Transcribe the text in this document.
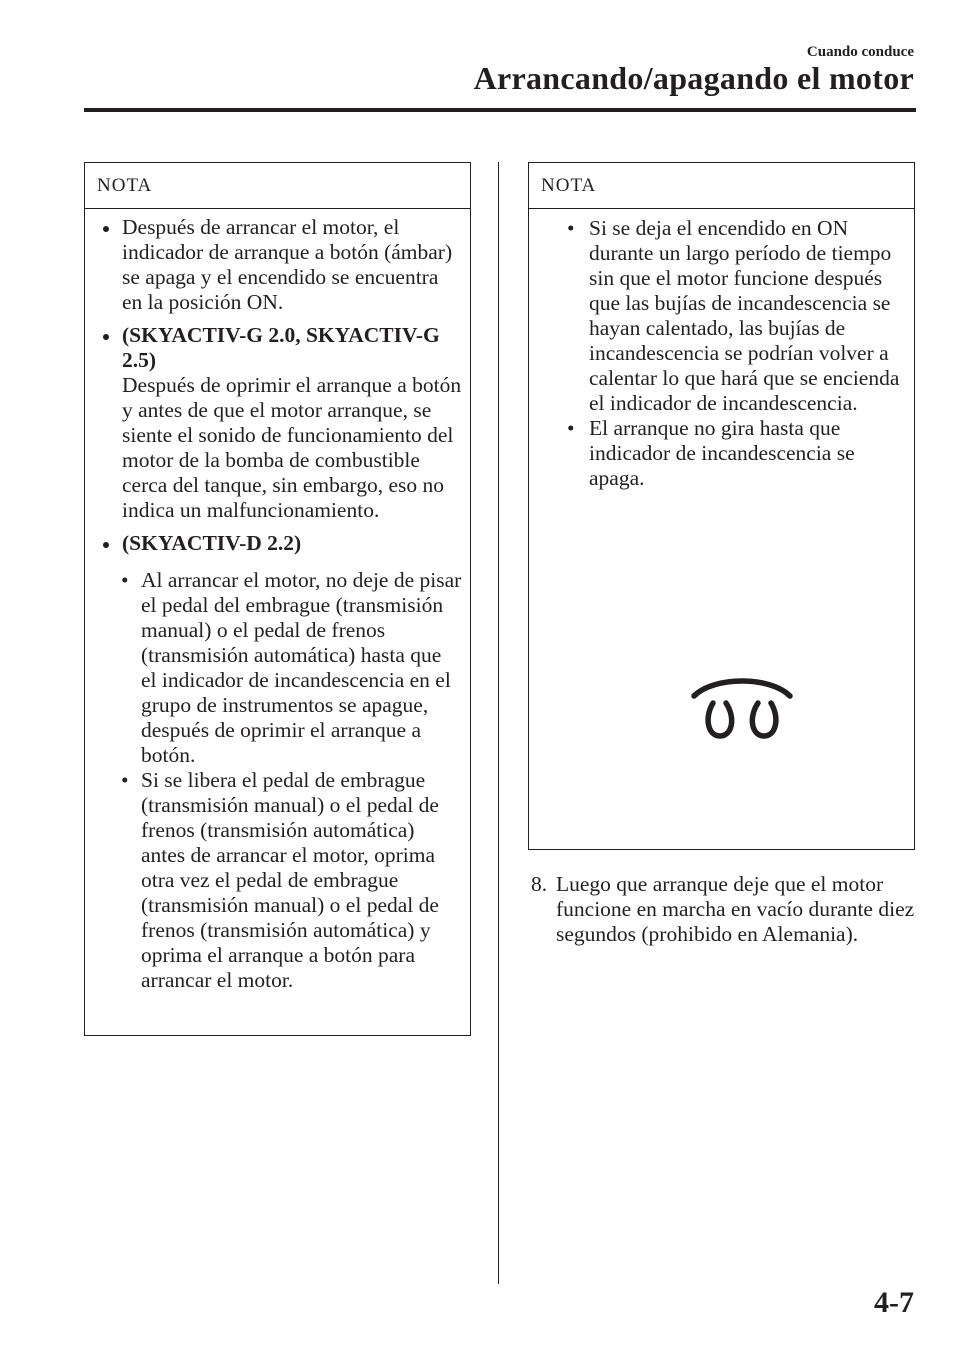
Cuando conduce
Arrancando/apagando el motor
NOTA
Después de arrancar el motor, el indicador de arranque a botón (ámbar) se apaga y el encendido se encuentra en la posición ON.
(SKYACTIV-G 2.0, SKYACTIV-G 2.5)
Después de oprimir el arranque a botón y antes de que el motor arranque, se siente el sonido de funcionamiento del motor de la bomba de combustible cerca del tanque, sin embargo, eso no indica un malfuncionamiento.
(SKYACTIV-D 2.2)
• Al arrancar el motor, no deje de pisar el pedal del embrague (transmisión manual) o el pedal de frenos (transmisión automática) hasta que el indicador de incandescencia en el grupo de instrumentos se apague, después de oprimir el arranque a botón.
• Si se libera el pedal de embrague (transmisión manual) o el pedal de frenos (transmisión automática) antes de arrancar el motor, oprima otra vez el pedal de embrague (transmisión manual) o el pedal de frenos (transmisión automática) y oprima el arranque a botón para arrancar el motor.
NOTA
• Si se deja el encendido en ON durante un largo período de tiempo sin que el motor funcione después que las bujías de incandescencia se hayan calentado, las bujías de incandescencia se podrían volver a calentar lo que hará que se encienda el indicador de incandescencia.
• El arranque no gira hasta que indicador de incandescencia se apaga.
8. Luego que arranque deje que el motor funcione en marcha en vacío durante diez segundos (prohibido en Alemania).
4-7
